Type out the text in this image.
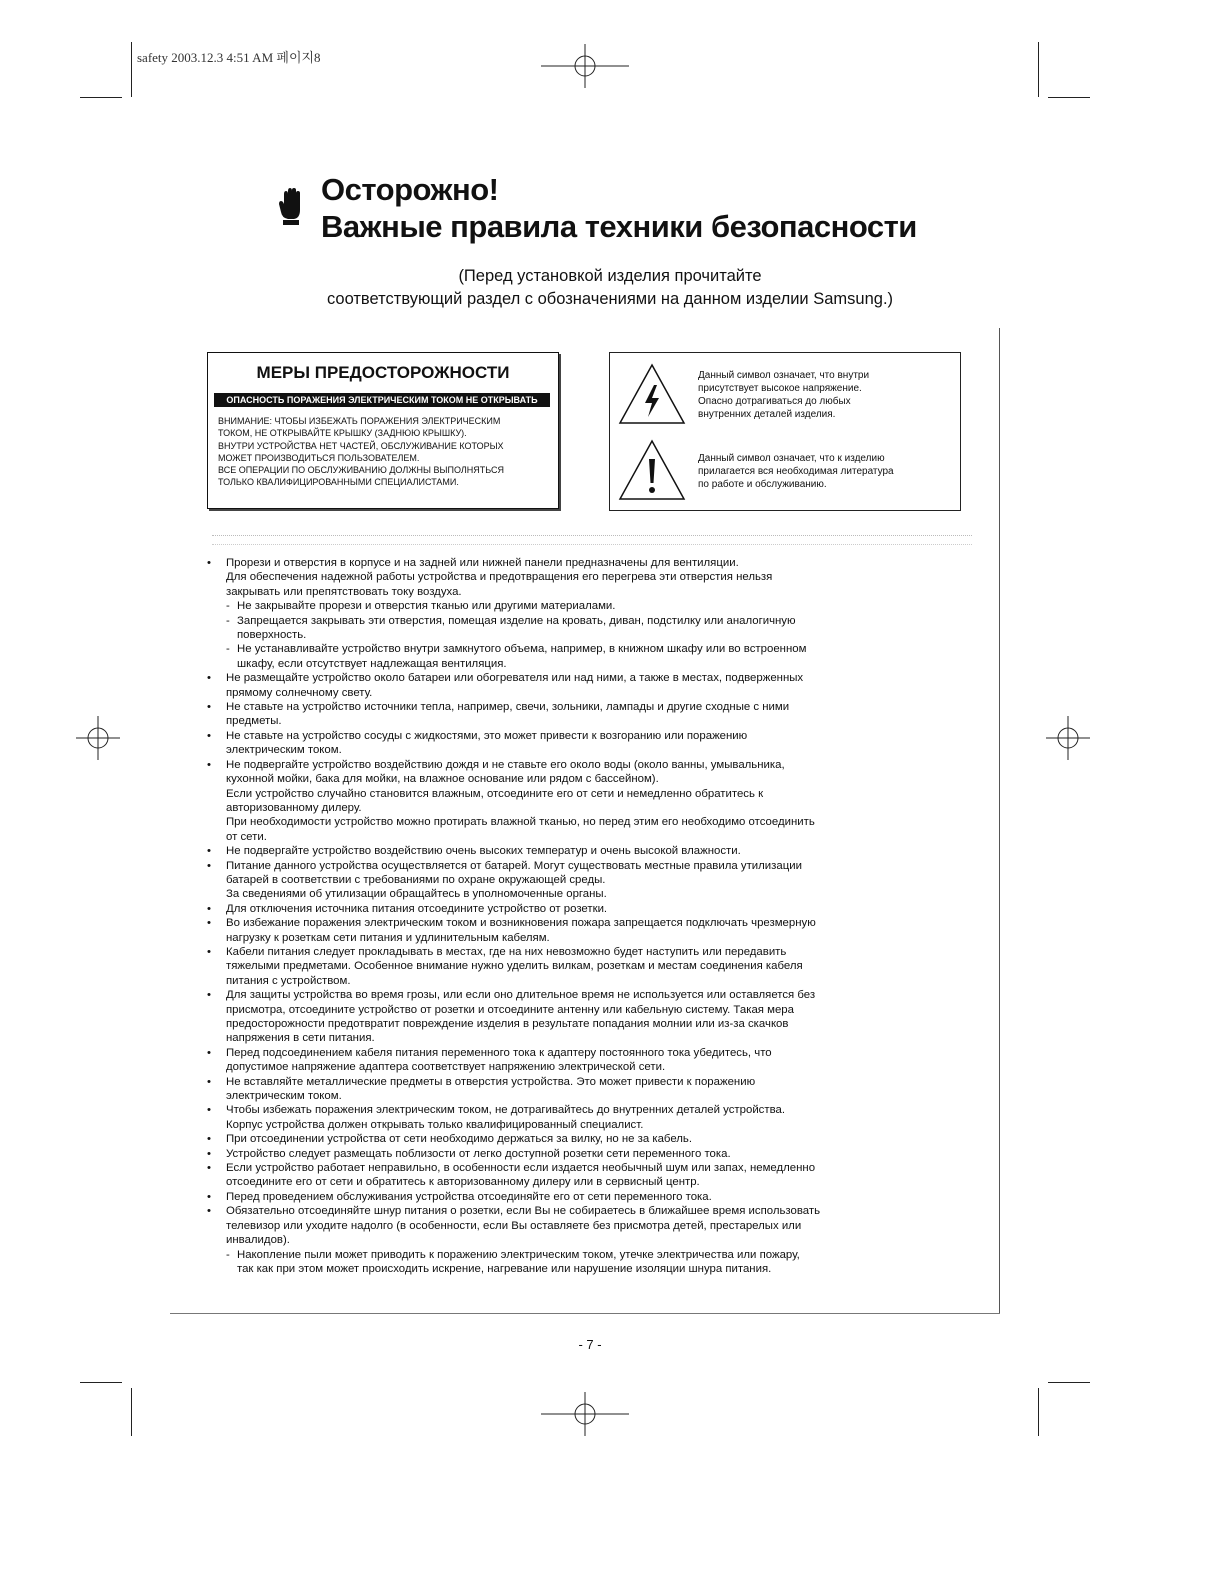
safety 2003.12.3 4:51 AM 페이지8
Осторожно!
Важные правила техники безопасности
(Перед установкой изделия прочитайте
соответствующий раздел с обозначениями на данном изделии Samsung.)
МЕРЫ ПРЕДОСТОРОЖНОСТИ
ОПАСНОСТЬ ПОРАЖЕНИЯ ЭЛЕКТРИЧЕСКИМ ТОКОМ НЕ ОТКРЫВАТЬ
ВНИМАНИЕ: ЧТОБЫ ИЗБЕЖАТЬ ПОРАЖЕНИЯ ЭЛЕКТРИЧЕСКИМ
ТОКОМ, НЕ ОТКРЫВАЙТЕ КРЫШКУ (ЗАДНЮЮ КРЫШКУ).
ВНУТРИ УСТРОЙСТВА НЕТ ЧАСТЕЙ, ОБСЛУЖИВАНИЕ КОТОРЫХ
МОЖЕТ ПРОИЗВОДИТЬСЯ ПОЛЬЗОВАТЕЛЕМ.
ВСЕ ОПЕРАЦИИ ПО ОБСЛУЖИВАНИЮ ДОЛЖНЫ ВЫПОЛНЯТЬСЯ
ТОЛЬКО КВАЛИФИЦИРОВАННЫМИ СПЕЦИАЛИСТАМИ.
Данный символ означает, что внутри
присутствует высокое напряжение.
Опасно дотрагиваться до любых
внутренних деталей изделия.
Данный символ означает, что к изделию
прилагается вся необходимая литература
по работе и обслуживанию.
• Прорези и отверстия в корпусе и на задней или нижней панели предназначены для вентиляции.
Для обеспечения надежной работы устройства и предотвращения его перегрева эти отверстия нельзя
закрывать или препятствовать току воздуха.
- Не закрывайте прорези и отверстия тканью или другими материалами.
- Запрещается закрывать эти отверстия, помещая изделие на кровать, диван, подстилку или аналогичную
поверхность.
- Не устанавливайте устройство внутри замкнутого объема, например, в книжном шкафу или во встроенном
шкафу, если отсутствует надлежащая вентиляция.
• Не размещайте устройство около батареи или обогревателя или над ними, а также в местах, подверженных
прямому солнечному свету.
• Не ставьте на устройство источники тепла, например, свечи, зольники, лампады и другие сходные с ними
предметы.
• Не ставьте на устройство сосуды с жидкостями, это может привести к возгоранию или поражению
электрическим током.
• Не подвергайте устройство воздействию дождя и не ставьте его около воды (около ванны, умывальника,
кухонной мойки, бака для мойки, на влажное основание или рядом с бассейном).
Если устройство случайно становится влажным, отсоедините его от сети и немедленно обратитесь к
авторизованному дилеру.
При необходимости устройство можно протирать влажной тканью, но перед этим его необходимо отсоединить
от сети.
• Не подвергайте устройство воздействию очень высоких температур и очень высокой влажности.
• Питание данного устройства осуществляется от батарей. Могут существовать местные правила утилизации
батарей в соответствии с требованиями по охране окружающей среды.
За сведениями об утилизации обращайтесь в уполномоченные органы.
• Для отключения источника питания отсоедините устройство от розетки.
• Во избежание поражения электрическим током и возникновения пожара запрещается подключать чрезмерную
нагрузку к розеткам сети питания и удлинительным кабелям.
• Кабели питания следует прокладывать в местах, где на них невозможно будет наступить или передавить
тяжелыми предметами. Особенное внимание нужно уделить вилкам, розеткам и местам соединения кабеля
питания с устройством.
• Для защиты устройства во время грозы, или если оно длительное время не используется или оставляется без
присмотра, отсоедините устройство от розетки и отсоедините антенну или кабельную систему. Такая мера
предосторожности предотвратит повреждение изделия в результате попадания молнии или из-за скачков
напряжения в сети питания.
• Перед подсоединением кабеля питания переменного тока к адаптеру постоянного тока убедитесь, что
допустимое напряжение адаптера соответствует напряжению электрической сети.
• Не вставляйте металлические предметы в отверстия устройства. Это может привести к поражению
электрическим током.
• Чтобы избежать поражения электрическим током, не дотрагивайтесь до внутренних деталей устройства.
Корпус устройства должен открывать только квалифицированный специалист.
• При отсоединении устройства от сети необходимо держаться за вилку, но не за кабель.
• Устройство следует размещать поблизости от легко доступной розетки сети переменного тока.
• Если устройство работает неправильно, в особенности если издается необычный шум или запах, немедленно
отсоедините его от сети и обратитесь к авторизованному дилеру или в сервисный центр.
• Перед проведением обслуживания устройства отсоединяйте его от сети переменного тока.
• Обязательно отсоединяйте шнур питания о розетки, если Вы не собираетесь в ближайшее время использовать
телевизор или уходите надолго (в особенности, если Вы оставляете без присмотра детей, престарелых или
инвалидов).
- Накопление пыли может приводить к поражению электрическим током, утечке электричества или пожару,
так как при этом может происходить искрение, нагревание или нарушение изоляции шнура питания.
- 7 -
